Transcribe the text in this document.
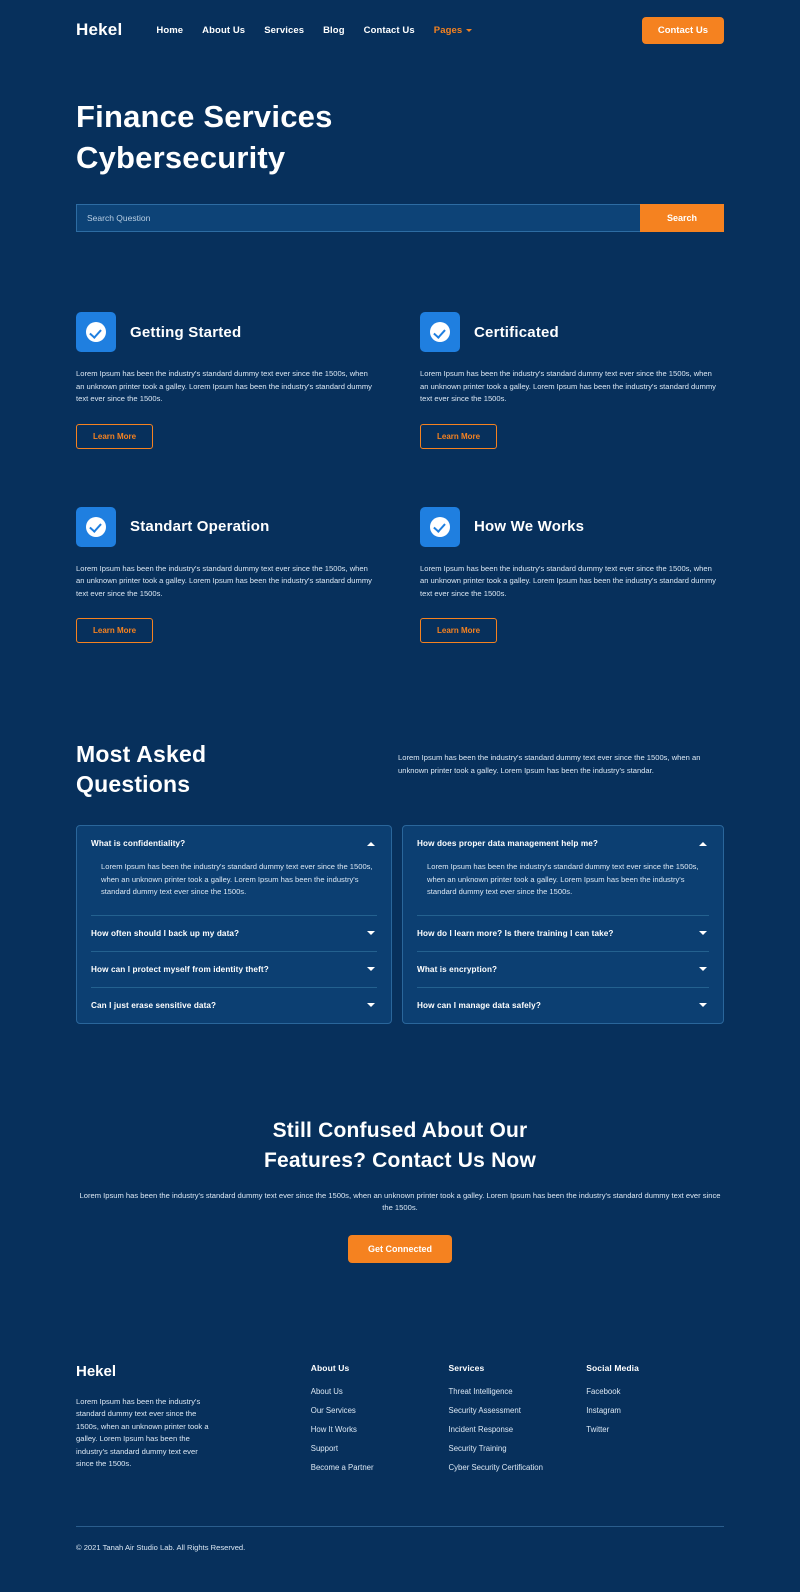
Hekel	Home About Us Services Blog Contact Us Pages	Contact Us
Finance Services
Cybersecurity
Search Question
Search
Getting Started
Lorem Ipsum has been the industry's standard dummy text ever since the 1500s, when an unknown printer took a galley. Lorem Ipsum has been the industry's standard dummy text ever since the 1500s.
Learn More
Certificated
Lorem Ipsum has been the industry's standard dummy text ever since the 1500s, when an unknown printer took a galley. Lorem Ipsum has been the industry's standard dummy text ever since the 1500s.
Learn More
Standart Operation
Lorem Ipsum has been the industry's standard dummy text ever since the 1500s, when an unknown printer took a galley. Lorem Ipsum has been the industry's standard dummy text ever since the 1500s.
Learn More
How We Works
Lorem Ipsum has been the industry's standard dummy text ever since the 1500s, when an unknown printer took a galley. Lorem Ipsum has been the industry's standard dummy text ever since the 1500s.
Learn More
Most Asked
Questions
Lorem Ipsum has been the industry's standard dummy text ever since the 1500s, when an unknown printer took a galley. Lorem Ipsum has been the industry's standar.
What is confidentiality?
Lorem Ipsum has been the industry's standard dummy text ever since the 1500s, when an unknown printer took a galley. Lorem Ipsum has been the industry's standard dummy text ever since the 1500s.
How often should I back up my data?
How can I protect myself from identity theft?
Can I just erase sensitive data?
How does proper data management help me?
Lorem Ipsum has been the industry's standard dummy text ever since the 1500s, when an unknown printer took a galley. Lorem Ipsum has been the industry's standard dummy text ever since the 1500s.
How do I learn more? Is there training I can take?
What is encryption?
How can I manage data safely?
Still Confused About Our
Features? Contact Us Now

Lorem Ipsum has been the industry's standard dummy text ever since the 1500s, when an unknown printer took a galley. Lorem Ipsum has been the industry's standard dummy text ever since the 1500s.

Get Connected
Hekel
Lorem Ipsum has been the industry's standard dummy text ever since the 1500s, when an unknown printer took a galley. Lorem Ipsum has been the industry's standard dummy text ever since the 1500s.
About Us
About Us
Our Services
How It Works
Support
Become a Partner
Services
Threat Intelligence
Security Assessment
Incident Response
Security Training
Cyber Security Certification
Social Media
Facebook
Instagram
Twitter
© 2021 Tanah Air Studio Lab. All Rights Reserved.
